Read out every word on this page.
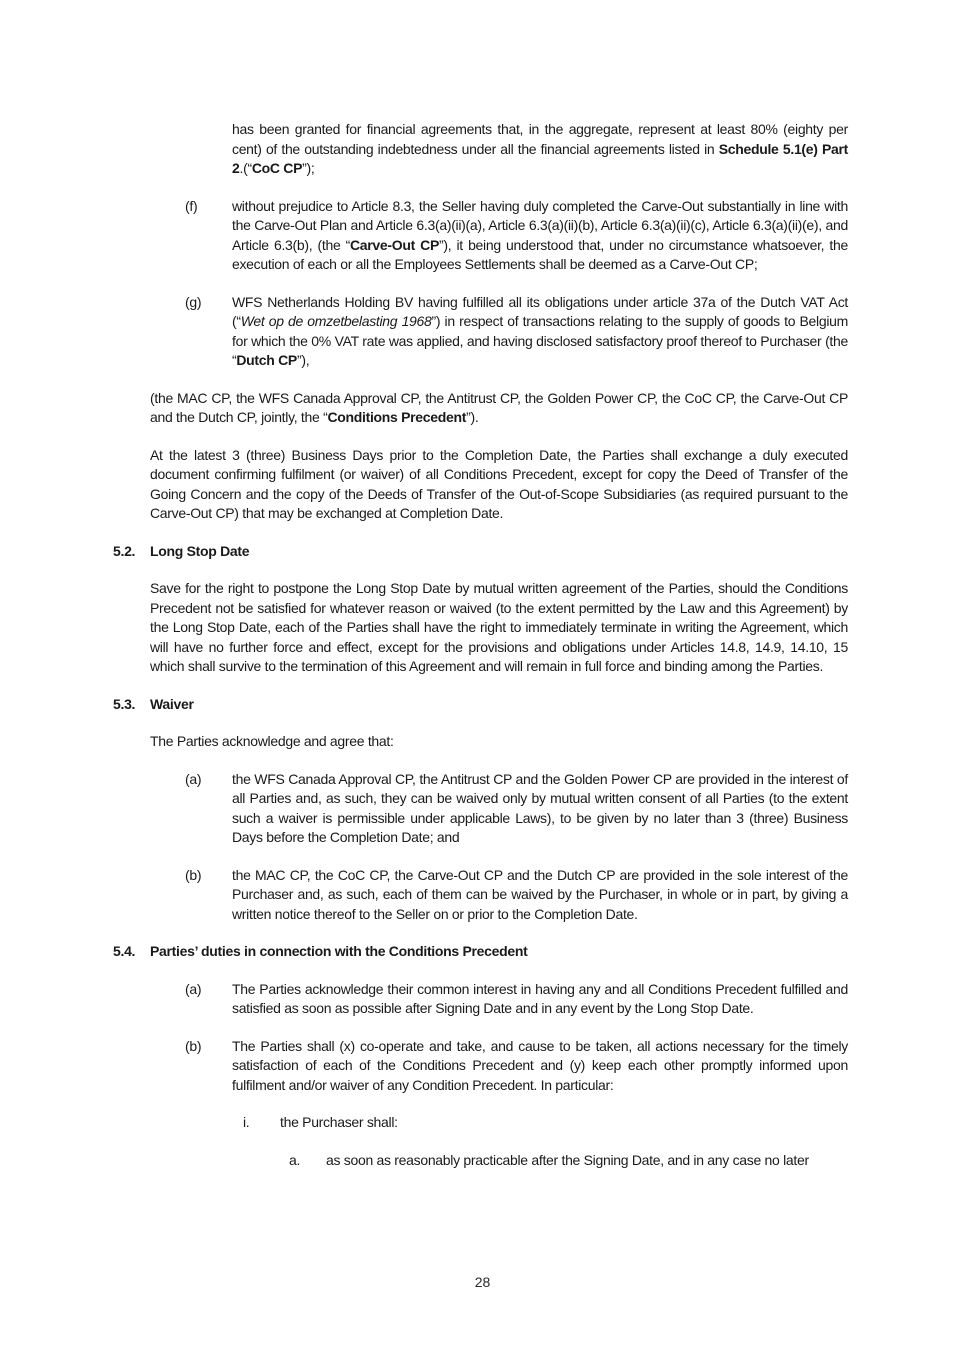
has been granted for financial agreements that, in the aggregate, represent at least 80% (eighty per cent) of the outstanding indebtedness under all the financial agreements listed in Schedule 5.1(e) Part 2.(“CoC CP”);
(f)	without prejudice to Article 8.3, the Seller having duly completed the Carve-Out substantially in line with the Carve-Out Plan and Article 6.3(a)(ii)(a), Article 6.3(a)(ii)(b), Article 6.3(a)(ii)(c), Article 6.3(a)(ii)(e), and Article 6.3(b), (the “Carve-Out CP”), it being understood that, under no circumstance whatsoever, the execution of each or all the Employees Settlements shall be deemed as a Carve-Out CP;
(g)	WFS Netherlands Holding BV having fulfilled all its obligations under article 37a of the Dutch VAT Act (“Wet op de omzetbelasting 1968”) in respect of transactions relating to the supply of goods to Belgium for which the 0% VAT rate was applied, and having disclosed satisfactory proof thereof to Purchaser (the “Dutch CP”),
(the MAC CP, the WFS Canada Approval CP, the Antitrust CP, the Golden Power CP, the CoC CP, the Carve-Out CP and the Dutch CP, jointly, the “Conditions Precedent”).
At the latest 3 (three) Business Days prior to the Completion Date, the Parties shall exchange a duly executed document confirming fulfilment (or waiver) of all Conditions Precedent, except for copy the Deed of Transfer of the Going Concern and the copy of the Deeds of Transfer of the Out-of-Scope Subsidiaries (as required pursuant to the Carve-Out CP) that may be exchanged at Completion Date.
5.2.	Long Stop Date
Save for the right to postpone the Long Stop Date by mutual written agreement of the Parties, should the Conditions Precedent not be satisfied for whatever reason or waived (to the extent permitted by the Law and this Agreement) by the Long Stop Date, each of the Parties shall have the right to immediately terminate in writing the Agreement, which will have no further force and effect, except for the provisions and obligations under Articles 14.8, 14.9, 14.10, 15 which shall survive to the termination of this Agreement and will remain in full force and binding among the Parties.
5.3.	Waiver
The Parties acknowledge and agree that:
(a)	the WFS Canada Approval CP, the Antitrust CP and the Golden Power CP are provided in the interest of all Parties and, as such, they can be waived only by mutual written consent of all Parties (to the extent such a waiver is permissible under applicable Laws), to be given by no later than 3 (three) Business Days before the Completion Date; and
(b)	the MAC CP, the CoC CP, the Carve-Out CP and the Dutch CP are provided in the sole interest of the Purchaser and, as such, each of them can be waived by the Purchaser, in whole or in part, by giving a written notice thereof to the Seller on or prior to the Completion Date.
5.4.	Parties’ duties in connection with the Conditions Precedent
(a)	The Parties acknowledge their common interest in having any and all Conditions Precedent fulfilled and satisfied as soon as possible after Signing Date and in any event by the Long Stop Date.
(b)	The Parties shall (x) co-operate and take, and cause to be taken, all actions necessary for the timely satisfaction of each of the Conditions Precedent and (y) keep each other promptly informed upon fulfilment and/or waiver of any Condition Precedent. In particular:
i.	the Purchaser shall:
a.	as soon as reasonably practicable after the Signing Date, and in any case no later
28
